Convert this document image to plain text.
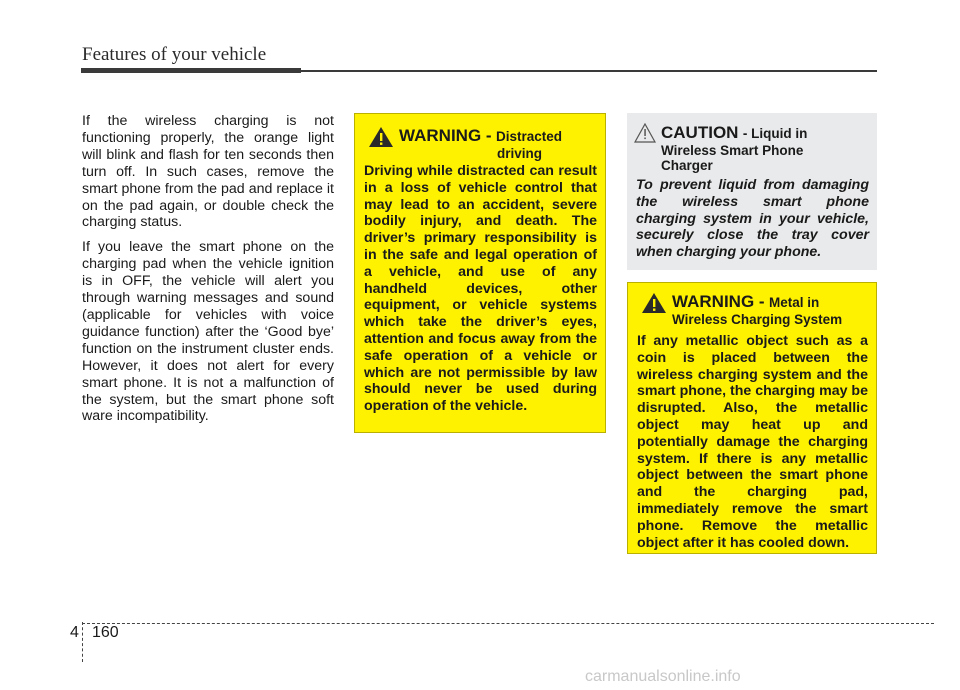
Features of your vehicle

If the wireless charging is not functioning properly, the orange light will blink and flash for ten seconds then turn off. In such cases, remove the smart phone from the pad and replace it on the pad again, or double check the charging status.

If you leave the smart phone on the charging pad when the vehicle ignition is in OFF, the vehicle will alert you through warning messages and sound (applicable for vehicles with voice guidance function) after the ‘Good bye’ function on the instrument cluster ends. However, it does not alert for every smart phone. It is not a malfunction of the system, but the smart phone soft ware incompatibility.

WARNING - Distracted
driving
Driving while distracted can result in a loss of vehicle control that may lead to an accident, severe bodily injury, and death. The driver’s primary responsibility is in the safe and legal operation of a vehicle, and use of any handheld devices, other equipment, or vehicle systems which take the driver’s eyes, attention and focus away from the safe operation of a vehicle or which are not permissible by law should never be used during operation of the vehicle.
CAUTION - Liquid in
Wireless Smart Phone
Charger
To prevent liquid from damaging the wireless smart phone charging system in your vehicle, securely close the tray cover when charging your phone.
WARNING - Metal in
Wireless Charging System
If any metallic object such as a coin is placed between the wireless charging system and the smart phone, the charging may be disrupted. Also, the metallic object may heat up and potentially damage the charging system. If there is any metallic object between the smart phone and the charging pad, immediately remove the smart phone. Remove the metallic object after it has cooled down.
4 160
carmanualsonline.info
